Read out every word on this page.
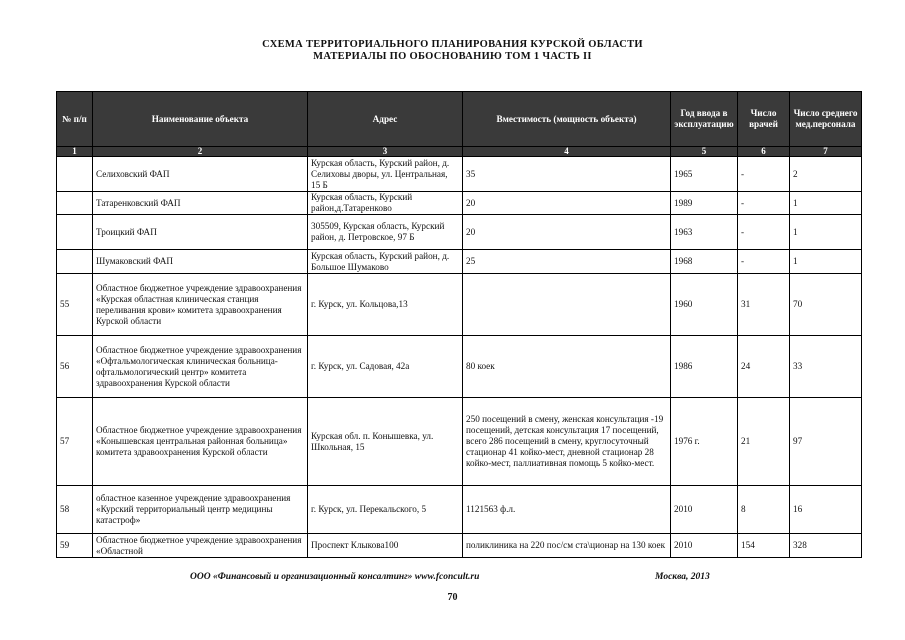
СХЕМА ТЕРРИТОРИАЛЬНОГО ПЛАНИРОВАНИЯ КУРСКОЙ ОБЛАСТИ
МАТЕРИАЛЫ ПО ОБОСНОВАНИЮ ТОМ 1 ЧАСТЬ II
№ п/п	Наименование объекта	Адрес	Вместимость (мощность объекта)	Год ввода в эксплуатацию	Число врачей	Число среднего мед.персонала
1	2	3	4	5	6	7
	Селиховский ФАП	Курская область, Курский район, д. Селиховы дворы, ул. Центральная, 15 Б	35	1965	-	2
	Татаренковский ФАП	Курская область, Курский район,д.Татаренково	20	1989	-	1
	Троицкий ФАП	305509, Курская область, Курский район, д. Петровское, 97 Б	20	1963	-	1
	Шумаковский ФАП	Курская область, Курский район, д. Большое Шумаково	25	1968	-	1
55	Областное бюджетное учреждение здравоохранения «Курская областная клиническая станция переливания крови» комитета здравоохранения Курской области	г. Курск, ул. Кольцова,13		1960	31	70
56	Областное бюджетное учреждение здравоохранения «Офтальмологическая клиническая больница-офтальмологический центр» комитета здравоохранения Курской области	г. Курск, ул. Садовая, 42а	80 коек	1986	24	33
57	Областное бюджетное учреждение здравоохранения «Конышевская центральная районная больница» комитета здравоохранения Курской области	Курская обл. п. Конышевка, ул. Школьная, 15	250 посещений в смену, женская консультация -19 посещений, детская консультация 17 посещений, всего 286 посещений в смену, круглосуточный стационар 41 койко-мест, дневной стационар 28 койко-мест, паллиативная помощь 5 койко-мест.	1976 г.	21	97
58	областное казенное учреждение здравоохранения «Курский территориальный центр медицины катастроф»	г. Курск, ул. Перекальского, 5	1121563 ф.л.	2010	8	16
59	Областное бюджетное учреждение здравоохранения «Областной	Проспект Клыкова100	поликлиника на 220 пос/см ста\ционар на 130 коек	2010	154	328
ООО «Финансовый и организационный консалтинг» www.fconcult.ru	Москва, 2013
70
